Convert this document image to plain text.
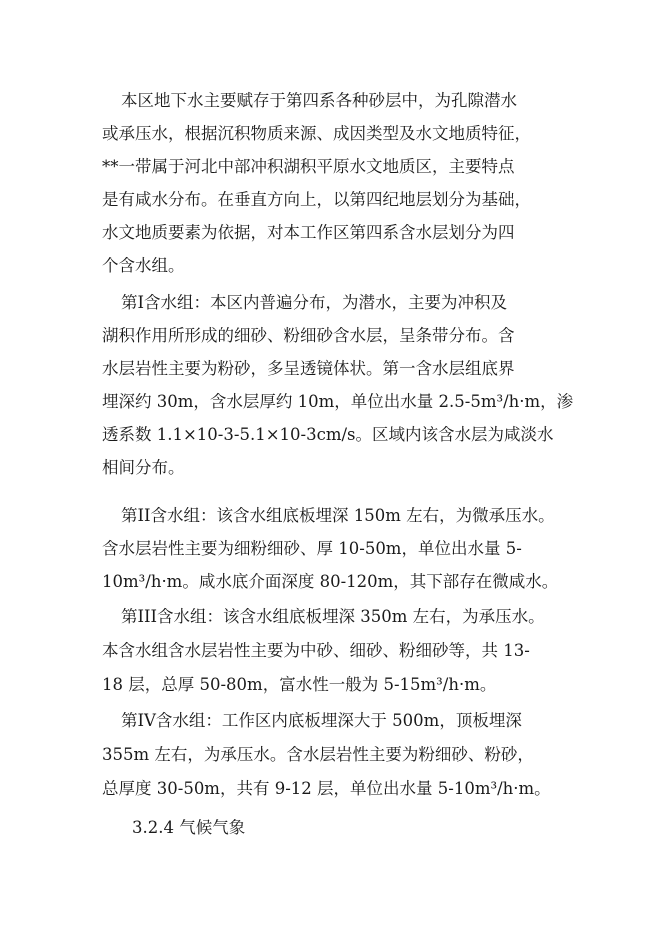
本区地下水主要赋存于第四系各种砂层中，为孔隙潜水
或承压水，根据沉积物质来源、成因类型及水文地质特征，
**一带属于河北中部冲积湖积平原水文地质区，主要特点
是有咸水分布。在垂直方向上，以第四纪地层划分为基础，
水文地质要素为依据，对本工作区第四系含水层划分为四
个含水组。
第Ⅰ含水组：本区内普遍分布，为潜水，主要为冲积及
湖积作用所形成的细砂、粉细砂含水层，呈条带分布。含
水层岩性主要为粉砂，多呈透镜体状。第一含水层组底界
埋深约 30m，含水层厚约 10m，单位出水量 2.5-5m³/h·m，渗
透系数 1.1×10-3-5.1×10-3cm/s。区域内该含水层为咸淡水
相间分布。
第II含水组：该含水组底板埋深 150m 左右，为微承压水。
含水层岩性主要为细粉细砂、厚 10-50m，单位出水量 5-
10m³/h·m。咸水底介面深度 80-120m，其下部存在微咸水。
第III含水组：该含水组底板埋深 350m 左右，为承压水。
本含水组含水层岩性主要为中砂、细砂、粉细砂等，共 13-
18 层，总厚 50-80m，富水性一般为 5-15m³/h·m。
第IV含水组：工作区内底板埋深大于 500m，顶板埋深
355m 左右，为承压水。含水层岩性主要为粉细砂、粉砂，
总厚度 30-50m，共有 9-12 层，单位出水量 5-10m³/h·m。
3.2.4 气候气象
